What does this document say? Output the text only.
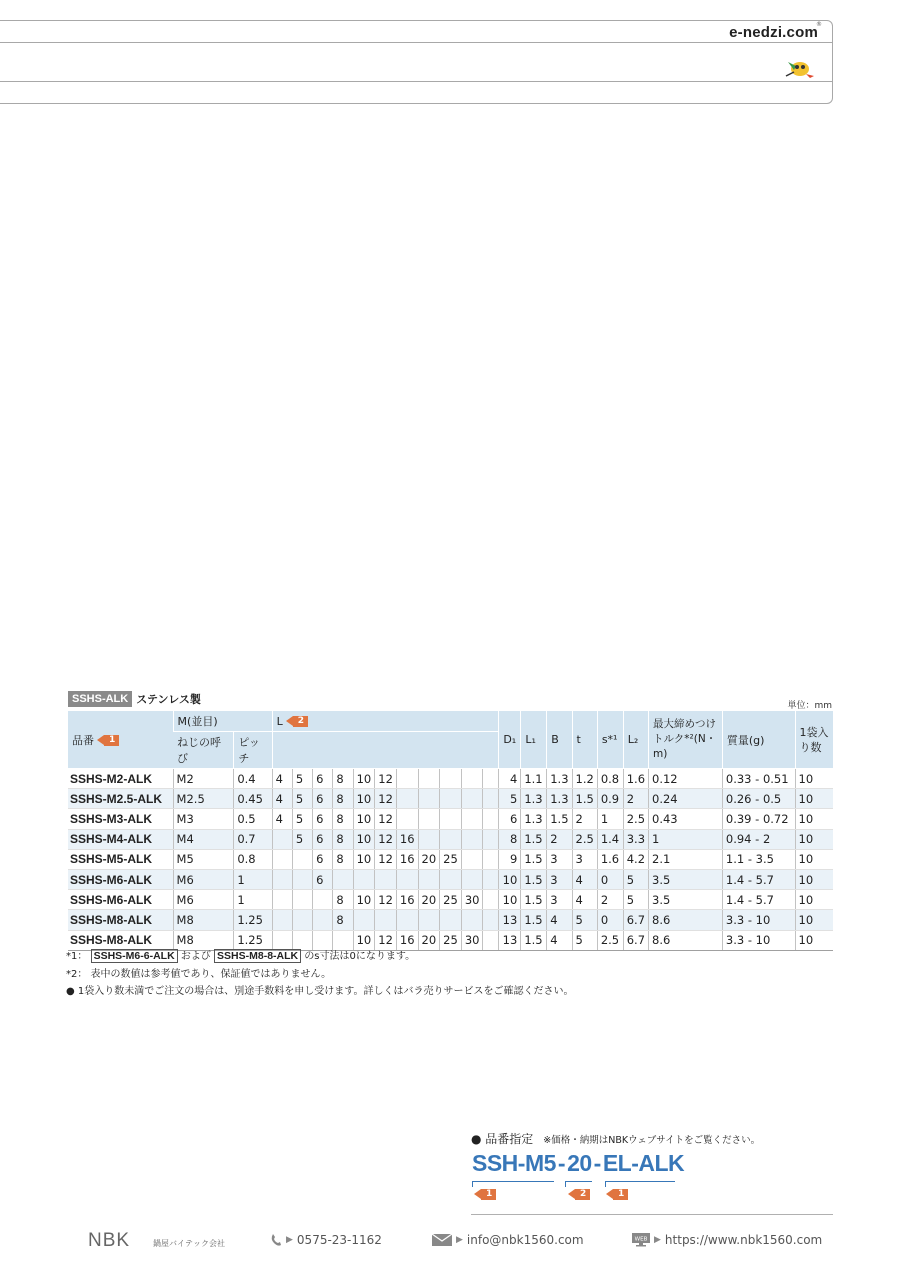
e-nedzi.com
®
SSHS-ALK ステンレス製	単位：mm
品番 1	M(並目)		L 2											D₁	L₁	B	t	s*¹	L₂	最大締めつけトルク*²(N・m)	質量(g)	1袋入り数
	ねじの呼び	ピッチ																				
SSHS-M2-ALK	M2	0.4	4	5	6	8	10	12						4	1.1	1.3	1.2	0.8	1.6	0.12	0.33 - 0.51	10
SSHS-M2.5-ALK	M2.5	0.45	4	5	6	8	10	12						5	1.3	1.3	1.5	0.9	2	0.24	0.26 - 0.5	10
SSHS-M3-ALK	M3	0.5	4	5	6	8	10	12						6	1.3	1.5	2	1	2.5	0.43	0.39 - 0.72	10
SSHS-M4-ALK	M4	0.7		5	6	8	10	12	16					8	1.5	2	2.5	1.4	3.3	1	0.94 - 2	10
SSHS-M5-ALK	M5	0.8			6	8	10	12	16	20	25			9	1.5	3	3	1.6	4.2	2.1	1.1 - 3.5	10
SSHS-M6-ALK	M6	1			6									10	1.5	3	4	0	5	3.5	1.4 - 5.7	10
SSHS-M6-ALK	M6	1				8	10	12	16	20	25	30		10	1.5	3	4	2	5	3.5	1.4 - 5.7	10
SSHS-M8-ALK	M8	1.25				8								13	1.5	4	5	0	6.7	8.6	3.3 - 10	10
SSHS-M8-ALK	M8	1.25					10	12	16	20	25	30		13	1.5	4	5	2.5	6.7	8.6	3.3 - 10	10
*1： SSHS-M6-6-ALK および SSHS-M8-8-ALK のs寸法は0になります。
*2： 表中の数値は参考値であり、保証値ではありません。
● 1袋入り数未満でご注文の場合は、別途手数料を申し受けます。詳しくはバラ売りサービスをご確認ください。
● 品番指定 ※価格・納期はNBKウェブサイトをご覧ください。
SSH-M5-20-EL-ALK
1	2	1
NBK	鍋屋バイテック会社	▶ 0575-23-1162	▶ info@nbk1560.com	WEB ▶ https://www.nbk1560.com
